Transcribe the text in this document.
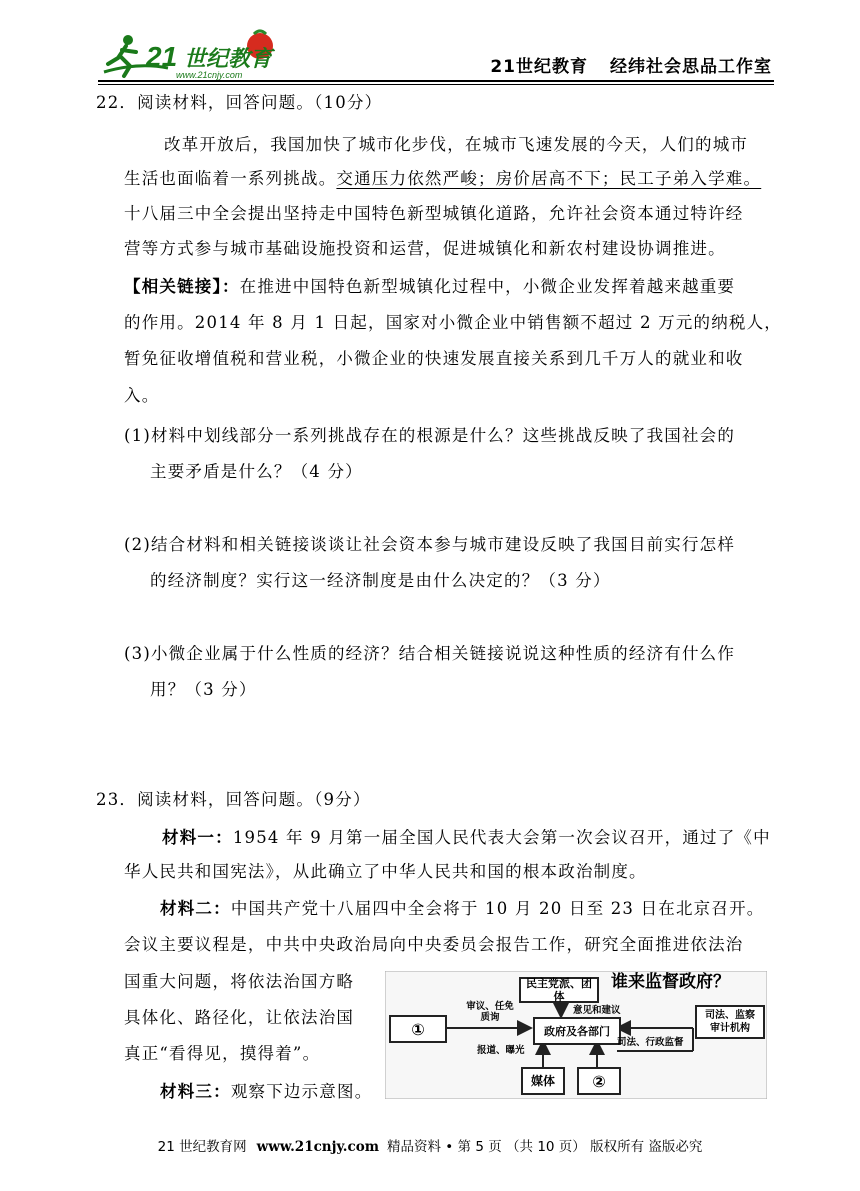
21 世纪教育
www.21cnjy.com	21世纪教育 经纬社会思品工作室
22．阅读材料，回答问题。（10分）
改革开放后，我国加快了城市化步伐，在城市飞速发展的今天，人们的城市
生活也面临着一系列挑战。交通压力依然严峻；房价居高不下；民工子弟入学难。
十八届三中全会提出坚持走中国特色新型城镇化道路，允许社会资本通过特许经
营等方式参与城市基础设施投资和运营，促进城镇化和新农村建设协调推进。
【相关链接】：在推进中国特色新型城镇化过程中，小微企业发挥着越来越重要
的作用。2014 年 8 月 1 日起，国家对小微企业中销售额不超过 2 万元的纳税人，
暂免征收增值税和营业税，小微企业的快速发展直接关系到几千万人的就业和收
入。
(1)材料中划线部分一系列挑战存在的根源是什么？这些挑战反映了我国社会的
主要矛盾是什么？（4 分）
(2)结合材料和相关链接谈谈让社会资本参与城市建设反映了我国目前实行怎样
的经济制度？实行这一经济制度是由什么决定的？（3 分）
(3)小微企业属于什么性质的经济？结合相关链接说说这种性质的经济有什么作
用？（3 分）
23．阅读材料，回答问题。（9分）
材料一：1954 年 9 月第一届全国人民代表大会第一次会议召开，通过了《中
华人民共和国宪法》，从此确立了中华人民共和国的根本政治制度。
材料二：中国共产党十八届四中全会将于 10 月 20 日至 23 日在北京召开。
会议主要议程是，中共中央政治局向中央委员会报告工作，研究全面推进依法治
国重大问题，将依法治国方略
具体化、路径化，让依法治国
真正“看得见，摸得着”。
材料三：观察下边示意图。
民主党派、团体
谁来监督政府？
①
审议、任免
质询
意见和建议
政府及各部门
司法、行政监督
司法、监察
审计机构
报道、曝光
媒体	②
21 世纪教育网 www.21cnjy.com 精品资料 • 第 5 页 （共 10 页） 版权所有 盗版必究
